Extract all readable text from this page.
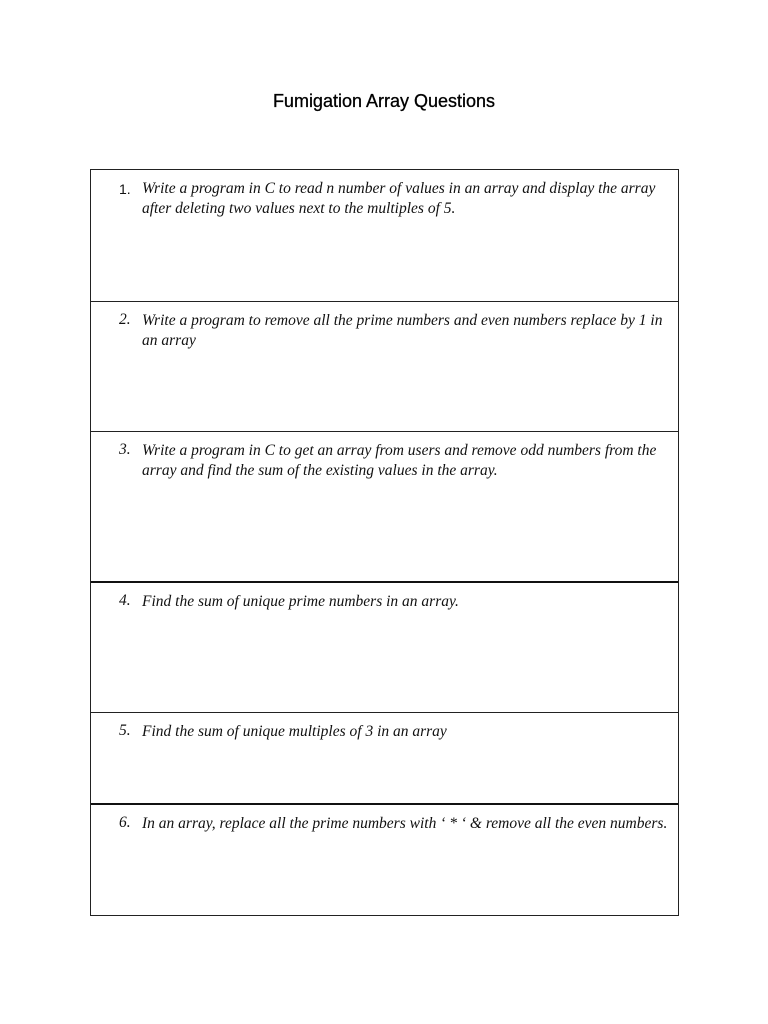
Fumigation Array Questions
1. Write a program in C to read n number of values in an array and display the array after deleting two values next to the multiples of 5.
2. Write a program to remove all the prime numbers and even numbers replace by 1 in an array
3. Write a program in C to get an array from users and remove odd numbers from the array and find the sum of the existing values in the array.
4. Find the sum of unique prime numbers in an array.
5. Find the sum of unique multiples of 3 in an array
6. In an array, replace all the prime numbers with ‘ * ‘ & remove all the even numbers.
